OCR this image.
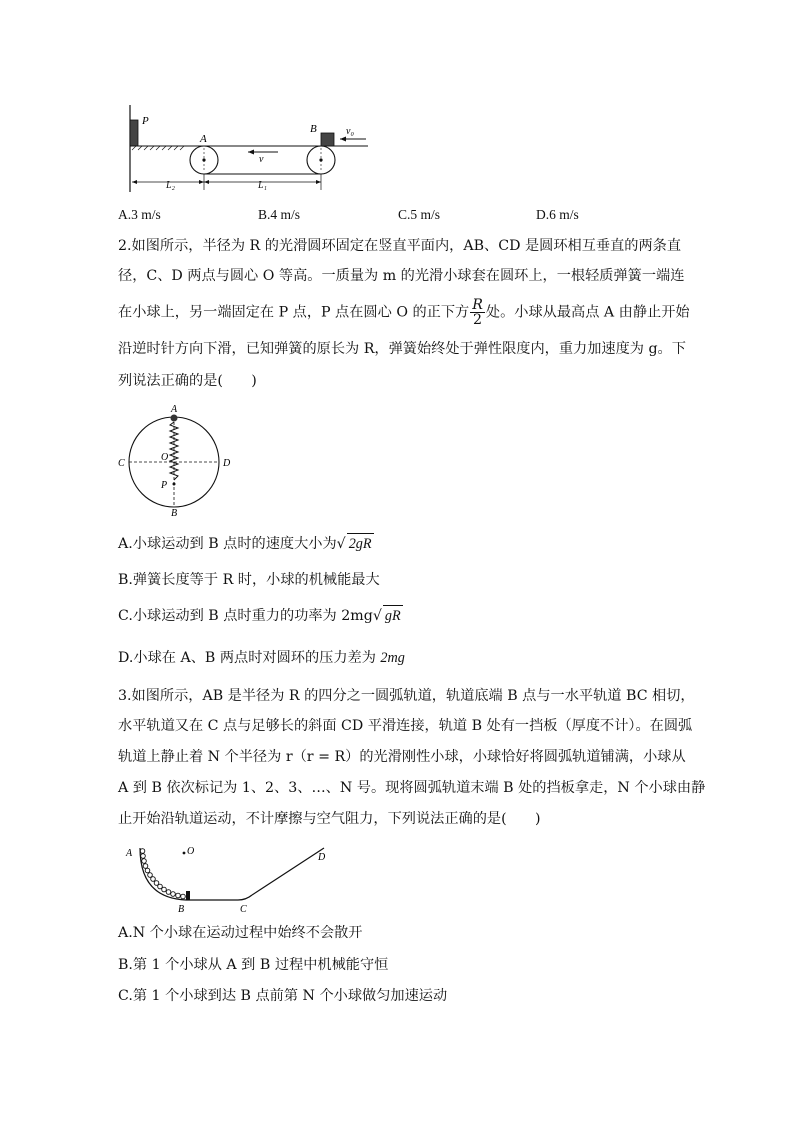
P
A
B	v₀
v
L₂	L₁
A.3 m/s	B.4 m/s	C.5 m/s	D.6 m/s
2.如图所示，半径为 R 的光滑圆环固定在竖直平面内，AB、CD 是圆环相互垂直的两条直
径，C、D 两点与圆心 O 等高。一质量为 m 的光滑小球套在圆环上，一根轻质弹簧一端连
在小球上，另一端固定在 P 点，P 点在圆心 O 的正下方 $\frac{R}{2}$ 处。小球从最高点 A 由静止开始
沿逆时针方向下滑，已知弹簧的原长为 R，弹簧始终处于弹性限度内，重力加速度为 g。下
列说法正确的是(　　)
A
B
C	D
O
P
A.小球运动到 B 点时的速度大小为√ 2gR
B.弹簧长度等于 R 时，小球的机械能最大
C.小球运动到 B 点时重力的功率为 2mg√ gR
D.小球在 A、B 两点时对圆环的压力差为 2mg
3.如图所示，AB 是半径为 R 的四分之一圆弧轨道，轨道底端 B 点与一水平轨道 BC 相切，
水平轨道又在 C 点与足够长的斜面 CD 平滑连接，轨道 B 处有一挡板（厚度不计）。在圆弧
轨道上静止着 N 个半径为 r（r = R）的光滑刚性小球，小球恰好将圆弧轨道铺满，小球从
A 到 B 依次标记为 1、2、3、…、N 号。现将圆弧轨道末端 B 处的挡板拿走，N 个小球由静
止开始沿轨道运动，不计摩擦与空气阻力，下列说法正确的是(　　)
A	O
B	C
D
A.N 个小球在运动过程中始终不会散开
B.第 1 个小球从 A 到 B 过程中机械能守恒
C.第 1 个小球到达 B 点前第 N 个小球做匀加速运动
